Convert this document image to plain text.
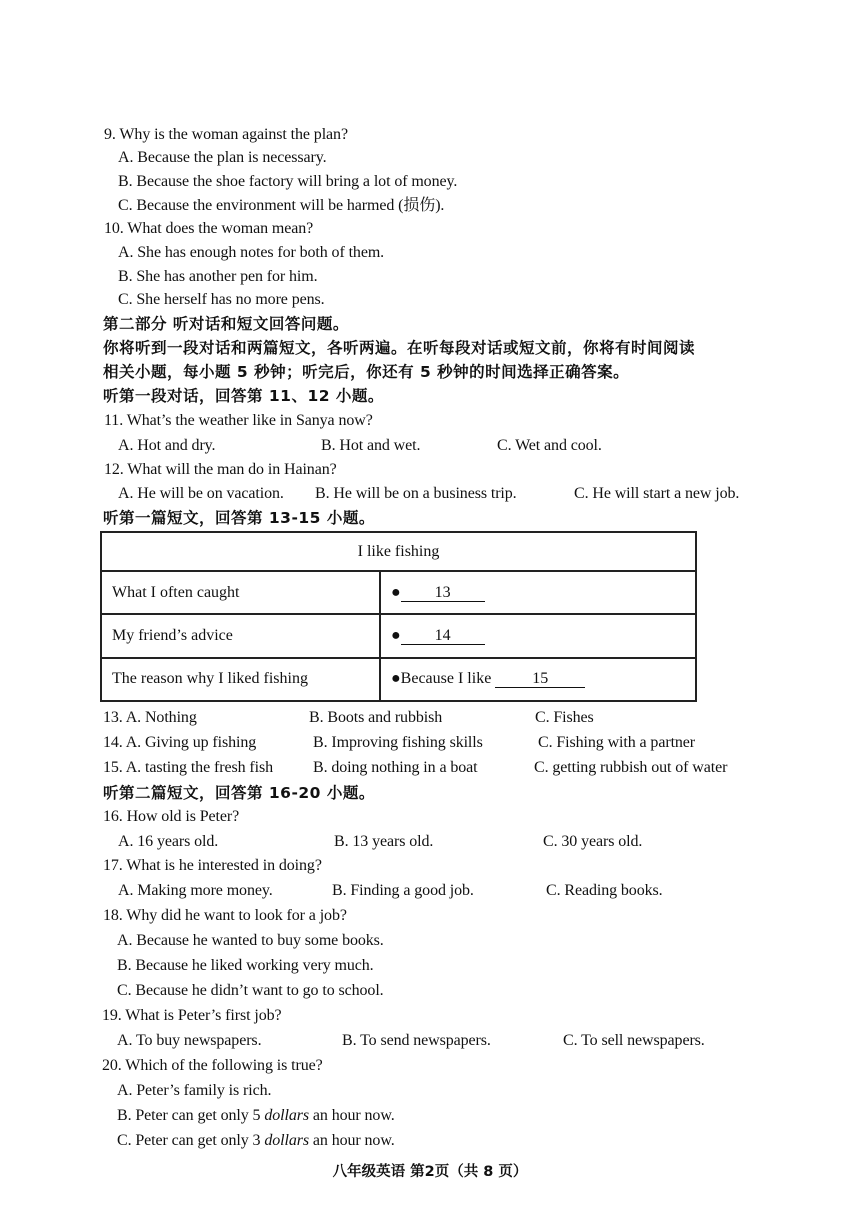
9. Why is the woman against the plan?
A. Because the plan is necessary.
B. Because the shoe factory will bring a lot of money.
C. Because the environment will be harmed (损伤).
10. What does the woman mean?
A. She has enough notes for both of them.
B. She has another pen for him.
C. She herself has no more pens.
第二部分 听对话和短文回答问题。
你将听到一段对话和两篇短文，各听两遍。在听每段对话或短文前，你将有时间阅读
相关小题，每小题 5 秒钟；听完后，你还有 5 秒钟的时间选择正确答案。
听第一段对话，回答第 11、12 小题。
11. What’s the weather like in Sanya now?
A. Hot and dry.	B. Hot and wet.	C. Wet and cool.
12. What will the man do in Hainan?
A. He will be on vacation. B. He will be on a business trip.	C. He will start a new job.
听第一篇短文，回答第 13-15 小题。
I like fishing	
What I often caught	● 13
My friend’s advice	● 14
The reason why I liked fishing	●Because I like 15
13. A. Nothing	B. Boots and rubbish	C. Fishes
14. A. Giving up fishing	B. Improving fishing skills	C. Fishing with a partner
15. A. tasting the fresh fish	B. doing nothing in a boat	C. getting rubbish out of water
听第二篇短文，回答第 16-20 小题。
16. How old is Peter?
A. 16 years old.	B. 13 years old.	C. 30 years old.
17. What is he interested in doing?
A. Making more money.	B. Finding a good job.	C. Reading books.
18. Why did he want to look for a job?
A. Because he wanted to buy some books.
B. Because he liked working very much.
C. Because he didn’t want to go to school.
19. What is Peter’s first job?
A. To buy newspapers.	B. To send newspapers.	C. To sell newspapers.
20. Which of the following is true?
A. Peter’s family is rich.
B. Peter can get only 5 dollars an hour now.
C. Peter can get only 3 dollars an hour now.
八年级英语 第2页（共 8 页）
